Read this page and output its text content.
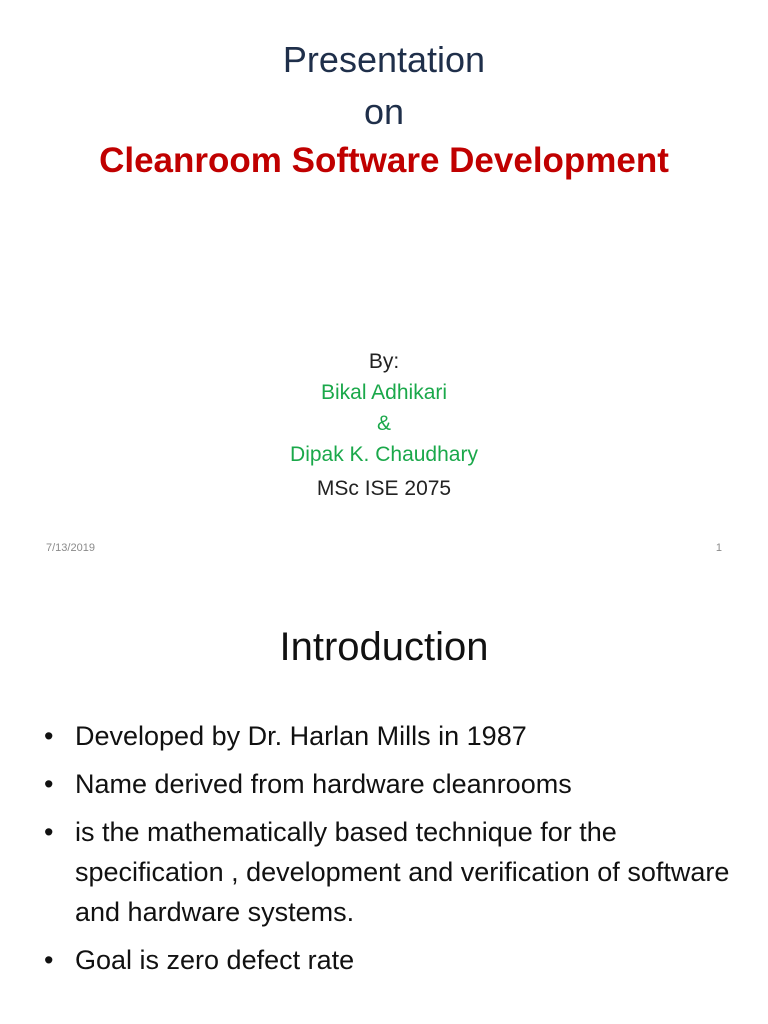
Presentation
on
Cleanroom Software Development
By:
Bikal Adhikari
&
Dipak K. Chaudhary
MSc ISE 2075
7/13/2019	1
Introduction
• Developed by Dr. Harlan Mills in 1987
• Name derived from hardware cleanrooms
• is the mathematically based technique for the specification , development and verification of software and hardware systems.
• Goal is zero defect rate
